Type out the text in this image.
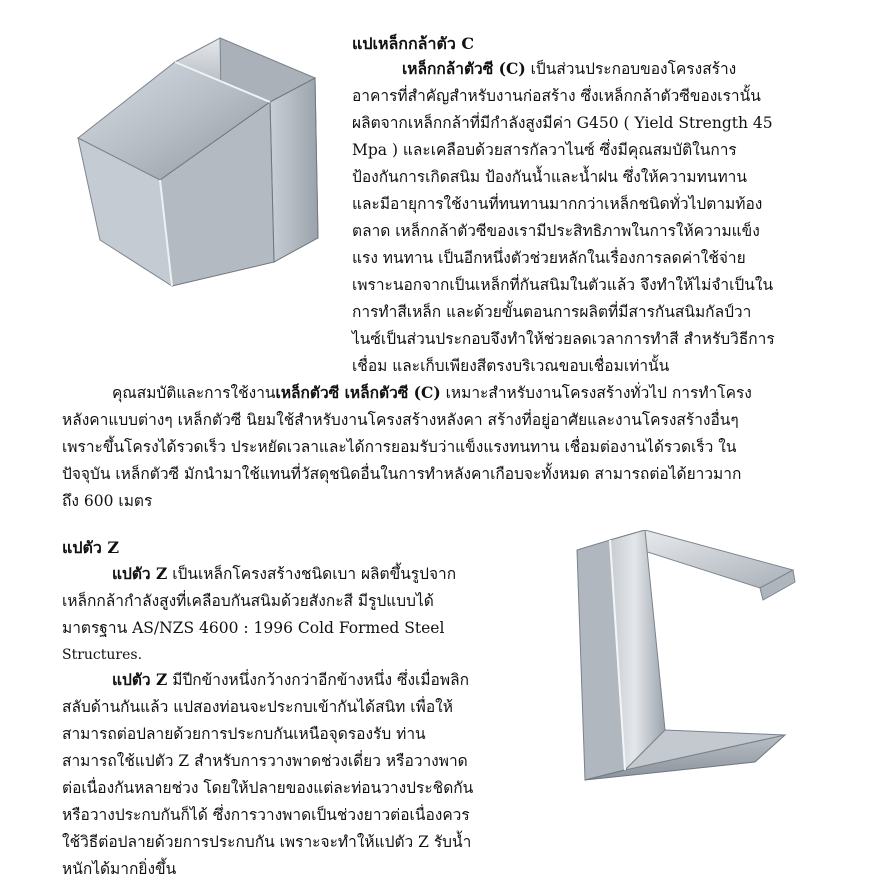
แปเหล็กกล้าตัว C
เหล็กกล้าตัวซี (C) เป็นส่วนประกอบของโครงสร้าง
อาคารที่สำคัญสำหรับงานก่อสร้าง ซึ่งเหล็กกล้าตัวซีของเรานั้น
ผลิตจากเหล็กกล้าที่มีกำลังสูงมีค่า G450 ( Yield Strength 45
Mpa ) และเคลือบด้วยสารกัลวาไนซ์ ซึ่งมีคุณสมบัติในการ
ป้องกันการเกิดสนิม ป้องกันน้ำและน้ำฝน ซึ่งให้ความทนทาน
และมีอายุการใช้งานที่ทนทานมากกว่าเหล็กชนิดทั่วไปตามท้อง
ตลาด เหล็กกล้าตัวซีของเรามีประสิทธิภาพในการให้ความแข็ง
แรง ทนทาน เป็นอีกหนึ่งตัวช่วยหลักในเรื่องการลดค่าใช้จ่าย
เพราะนอกจากเป็นเหล็กที่กันสนิมในตัวแล้ว จึงทำให้ไม่จำเป็นใน
การทำสีเหล็ก และด้วยขั้นตอนการผลิตที่มีสารกันสนิมกัลป์วา
ไนซ์เป็นส่วนประกอบจึงทำให้ช่วยลดเวลาการทำสี สำหรับวิธีการ
เชื่อม และเก็บเพียงสีตรงบริเวณขอบเชื่อมเท่านั้น
คุณสมบัติและการใช้งานเหล็กตัวซี เหล็กตัวซี (C) เหมาะสำหรับงานโครงสร้างทั่วไป การทำโครง
หลังคาแบบต่างๆ เหล็กตัวซี นิยมใช้สำหรับงานโครงสร้างหลังคา สร้างที่อยู่อาศัยและงานโครงสร้างอื่นๆ
เพราะขึ้นโครงได้รวดเร็ว ประหยัดเวลาและได้การยอมรับว่าแข็งแรงทนทาน เชื่อมต่องานได้รวดเร็ว ใน
ปัจจุบัน เหล็กตัวซี มักนำมาใช้แทนที่วัสดุชนิดอื่นในการทำหลังคาเกือบจะทั้งหมด สามารถต่อได้ยาวมาก
ถึง 600 เมตร
แปตัว Z
แปตัว Z เป็นเหล็กโครงสร้างชนิดเบา ผลิตขึ้นรูปจาก
เหล็กกล้ากำลังสูงที่เคลือบกันสนิมด้วยสังกะสี มีรูปแบบได้
มาตรฐาน AS/NZS 4600 : 1996 Cold Formed Steel
Structures.
แปตัว Z มีปีกข้างหนึ่งกว้างกว่าอีกข้างหนึ่ง ซึ่งเมื่อพลิก
สลับด้านกันแล้ว แปสองท่อนจะประกบเข้ากันได้สนิท เพื่อให้
สามารถต่อปลายด้วยการประกบกันเหนือจุดรองรับ ท่าน
สามารถใช้แปตัว Z สำหรับการวางพาดช่วงเดี่ยว หรือวางพาด
ต่อเนื่องกันหลายช่วง โดยให้ปลายของแต่ละท่อนวางประชิดกัน
หรือวางประกบกันก็ได้ ซึ่งการวางพาดเป็นช่วงยาวต่อเนื่องควร
ใช้วิธีต่อปลายด้วยการประกบกัน เพราะจะทำให้แปตัว Z รับน้ำ
หนักได้มากยิ่งขึ้น
